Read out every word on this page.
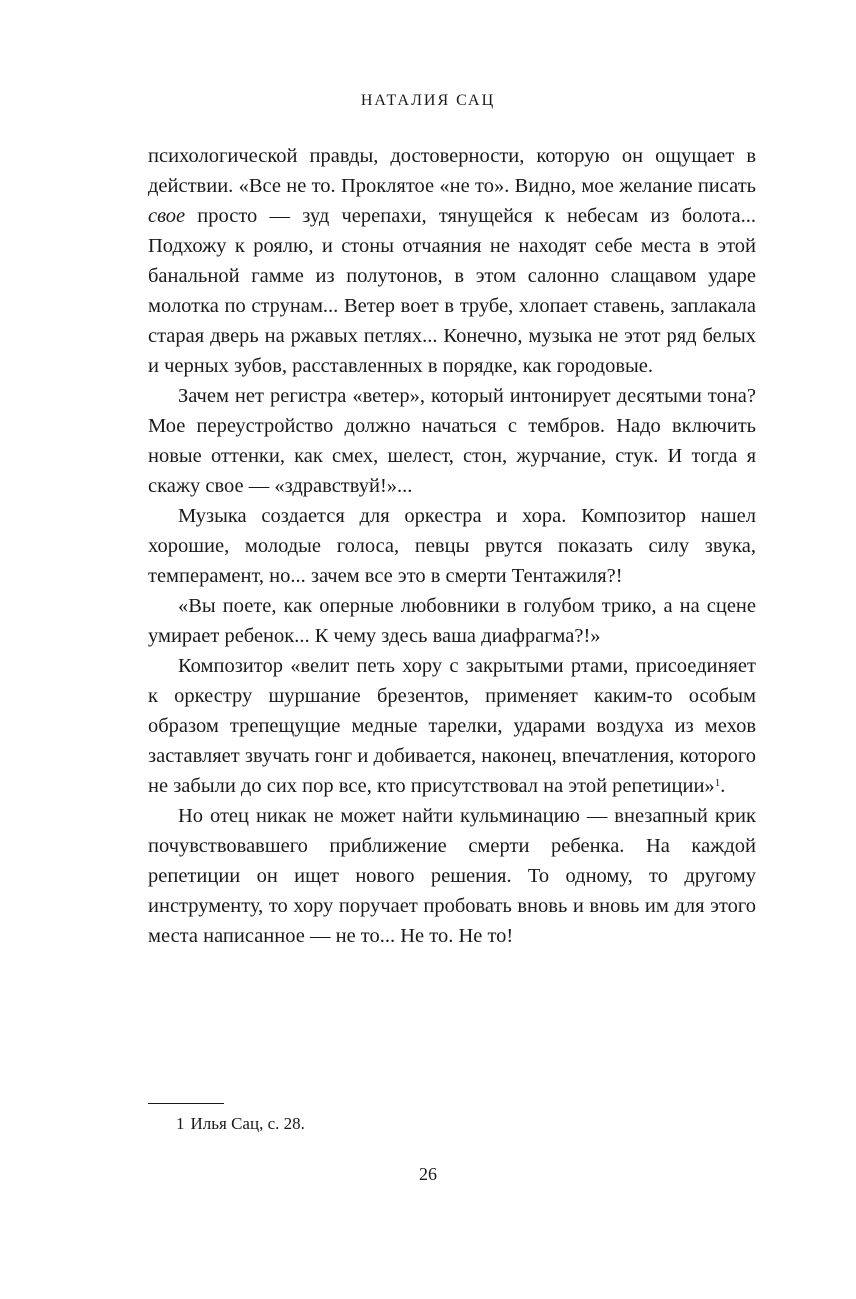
НАТАЛИЯ САЦ

психологической правды, достоверности, которую он ощущает в действии. «Все не то. Проклятое «не то». Видно, мое желание писать свое просто — зуд черепахи, тянущейся к небесам из болота... Подхожу к роялю, и стоны отчаяния не находят себе места в этой банальной гамме из полутонов, в этом салонно слащавом ударе молотка по струнам... Ветер воет в трубе, хлопает ставень, заплакала старая дверь на ржавых петлях... Конечно, музыка не этот ряд белых и черных зубов, расставленных в порядке, как городовые.

Зачем нет регистра «ветер», который интонирует десятыми тона? Мое переустройство должно начаться с тембров. Надо включить новые оттенки, как смех, шелест, стон, журчание, стук. И тогда я скажу свое — «здравствуй!»...

Музыка создается для оркестра и хора. Композитор нашел хорошие, молодые голоса, певцы рвутся показать силу звука, темперамент, но... зачем все это в смерти Тентажиля?!

«Вы поете, как оперные любовники в голубом трико, а на сцене умирает ребенок... К чему здесь ваша диафрагма?!»

Композитор «велит петь хору с закрытыми ртами, присоединяет к оркестру шуршание брезентов, применяет каким-то особым образом трепещущие медные тарелки, ударами воздуха из мехов заставляет звучать гонг и добивается, наконец, впечатления, которого не забыли до сих пор все, кто присутствовал на этой репетиции»$^1$.

Но отец никак не может найти кульминацию — внезапный крик почувствовавшего приближение смерти ребенка. На каждой репетиции он ищет нового решения. То одному, то другому инструменту, то хору поручает пробовать вновь и вновь им для этого места написанное — не то... Не то. Не то!

1 Илья Сац, с. 28.
26
